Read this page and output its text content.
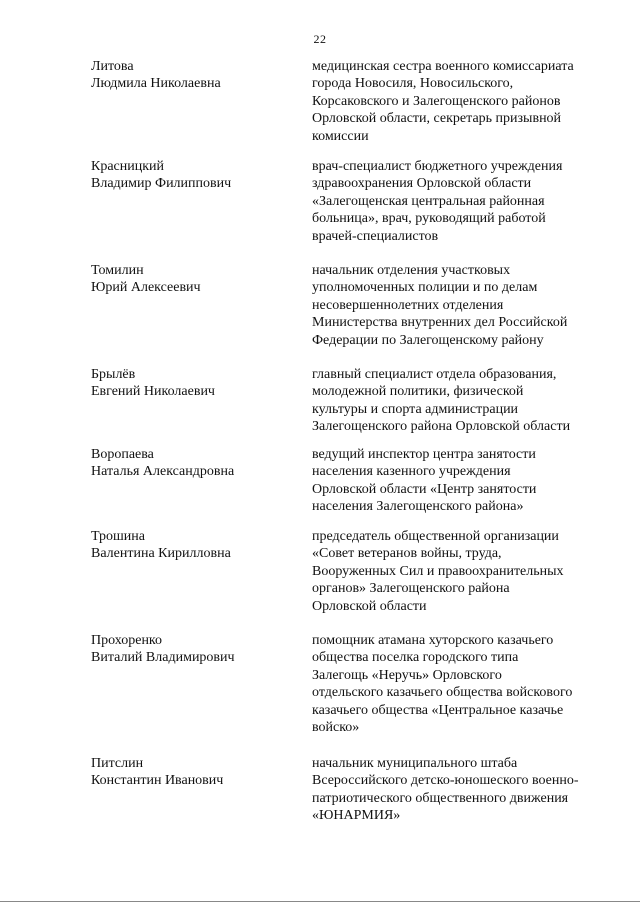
22
Литова
Людмила Николаевна
медицинская сестра военного комиссариата
города Новосиля, Новосильского,
Корсаковского и Залегощенского районов
Орловской области, секретарь призывной
комиссии
Красницкий
Владимир Филиппович
врач-специалист бюджетного учреждения
здравоохранения Орловской области
«Залегощенская центральная районная
больница», врач, руководящий работой
врачей-специалистов
Томилин
Юрий Алексеевич
начальник отделения участковых
уполномоченных полиции и по делам
несовершеннолетних отделения
Министерства внутренних дел Российской
Федерации по Залегощенскому району
Брылёв
Евгений Николаевич
главный специалист отдела образования,
молодежной политики, физической
культуры и спорта администрации
Залегощенского района Орловской области
Воропаева
Наталья Александровна
ведущий инспектор центра занятости
населения казенного учреждения
Орловской области «Центр занятости
населения Залегощенского района»
Трошина
Валентина Кирилловна
председатель общественной организации
«Совет ветеранов войны, труда,
Вооруженных Сил и правоохранительных
органов» Залегощенского района
Орловской области
Прохоренко
Виталий Владимирович
помощник атамана хуторского казачьего
общества поселка городского типа
Залегощь «Неручь» Орловского
отдельского казачьего общества войскового
казачьего общества «Центральное казачье
войско»
Питслин
Константин Иванович
начальник муниципального штаба
Всероссийского детско-юношеского военно-
патриотического общественного движения
«ЮНАРМИЯ»
